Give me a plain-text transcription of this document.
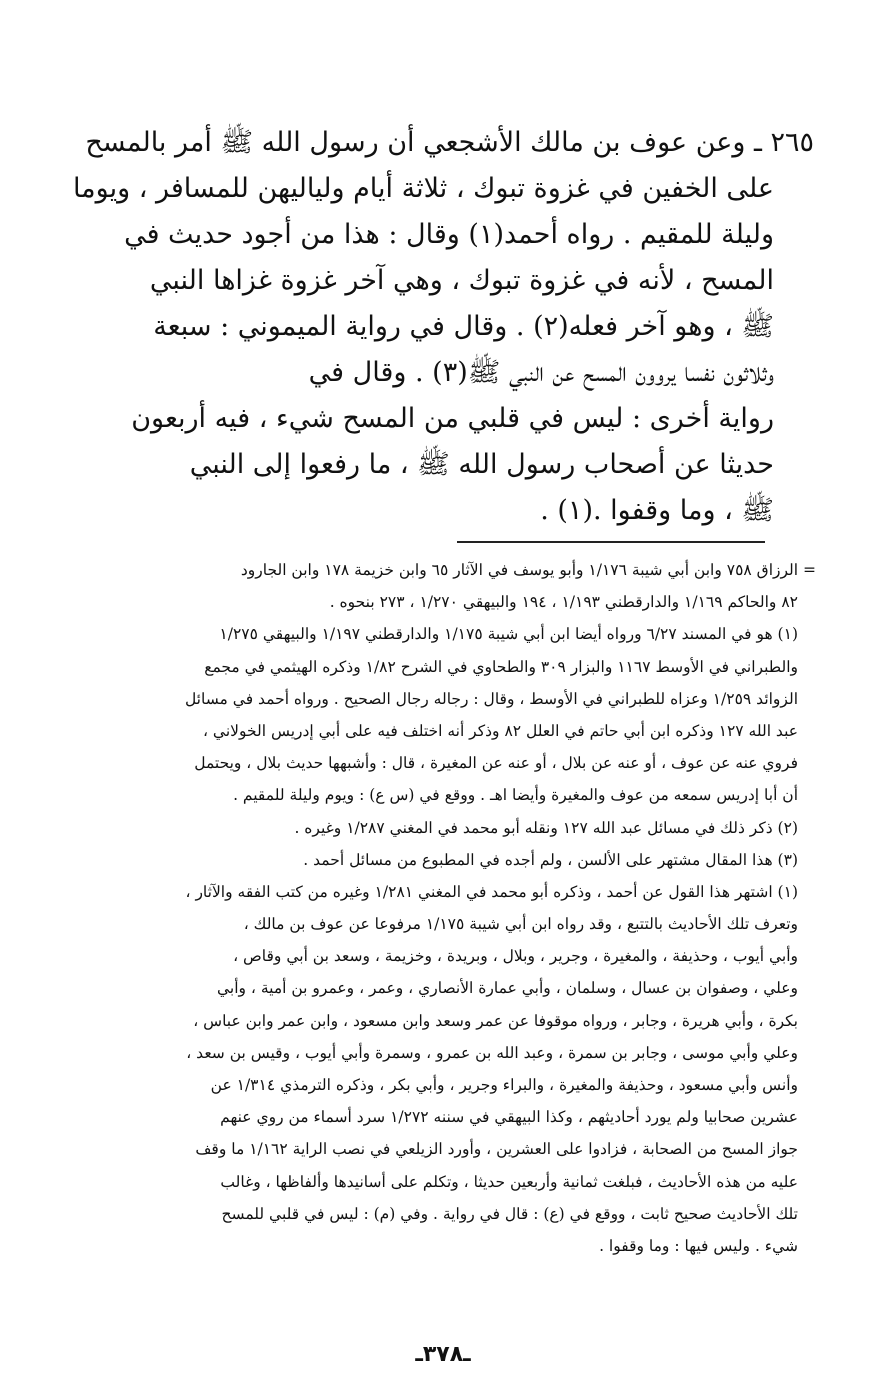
٢٦٥ ـ وعن عوف بن مالك الأشجعي أن رسول الله ﷺ أمر بالمسح
على الخفين في غزوة تبوك ، ثلاثة أيام ولياليهن للمسافر ، ويوما
وليلة للمقيم . رواه أحمد(١) وقال : هذا من أجود حديث في
المسح ، لأنه في غزوة تبوك ، وهي آخر غزوة غزاها النبي
ﷺ ، وهو آخر فعله(٢) . وقال في رواية الميموني : سبعة
وثلاثون نفسا يروون المسح عن النبي ﷺ(٣) . وقال في
رواية أخرى : ليس في قلبي من المسح شيء ، فيه أربعون
حديثا عن أصحاب رسول الله ﷺ ، ما رفعوا إلى النبي
ﷺ ، وما وقفوا .(١) .
= الرزاق ٧٥٨ وابن أبي شيبة ١/١٧٦ وأبو يوسف في الآثار ٦٥ وابن خزيمة ١٧٨ وابن الجارود
٨٢ والحاكم ١/١٦٩ والدارقطني ١/١٩٣ ، ١٩٤ والبيهقي ١/٢٧٠ ، ٢٧٣ بنحوه .
(١) هو في المسند ٦/٢٧ ورواه أيضا ابن أبي شيبة ١/١٧٥ والدارقطني ١/١٩٧ والبيهقي ١/٢٧٥
والطبراني في الأوسط ١١٦٧ والبزار ٣٠٩ والطحاوي في الشرح ١/٨٢ وذكره الهيثمي في مجمع
الزوائد ١/٢٥٩ وعزاه للطبراني في الأوسط ، وقال : رجاله رجال الصحيح . ورواه أحمد في مسائل
عبد الله ١٢٧ وذكره ابن أبي حاتم في العلل ٨٢ وذكر أنه اختلف فيه على أبي إدريس الخولاني ،
فروي عنه عن عوف ، أو عنه عن بلال ، أو عنه عن المغيرة ، قال : وأشبهها حديث بلال ، ويحتمل
أن أبا إدريس سمعه من عوف والمغيرة وأيضا اهـ . ووقع في (س ع) : ويوم وليلة للمقيم .
(٢) ذكر ذلك في مسائل عبد الله ١٢٧ ونقله أبو محمد في المغني ١/٢٨٧ وغيره .
(٣) هذا المقال مشتهر على الألسن ، ولم أجده في المطبوع من مسائل أحمد .
(١) اشتهر هذا القول عن أحمد ، وذكره أبو محمد في المغني ١/٢٨١ وغيره من كتب الفقه والآثار ،
وتعرف تلك الأحاديث بالتتبع ، وقد رواه ابن أبي شيبة ١/١٧٥ مرفوعا عن عوف بن مالك ،
وأبي أيوب ، وحذيفة ، والمغيرة ، وجرير ، وبلال ، وبريدة ، وخزيمة ، وسعد بن أبي وقاص ،
وعلي ، وصفوان بن عسال ، وسلمان ، وأبي عمارة الأنصاري ، وعمر ، وعمرو بن أمية ، وأبي
بكرة ، وأبي هريرة ، وجابر ، ورواه موقوفا عن عمر وسعد وابن مسعود ، وابن عمر وابن عباس ،
وعلي وأبي موسى ، وجابر بن سمرة ، وعبد الله بن عمرو ، وسمرة وأبي أيوب ، وقيس بن سعد ،
وأنس وأبي مسعود ، وحذيفة والمغيرة ، والبراء وجرير ، وأبي بكر ، وذكره الترمذي ١/٣١٤ عن
عشرين صحابيا ولم يورد أحاديثهم ، وكذا البيهقي في سننه ١/٢٧٢ سرد أسماء من روي عنهم
جواز المسح من الصحابة ، فزادوا على العشرين ، وأورد الزيلعي في نصب الراية ١/١٦٢ ما وقف
عليه من هذه الأحاديث ، فبلغت ثمانية وأربعين حديثا ، وتكلم على أسانيدها وألفاظها ، وغالب
تلك الأحاديث صحيح ثابت ، ووقع في (ع) : قال في رواية . وفي (م) : ليس في قلبي للمسح
شيء . وليس فيها : وما وقفوا .
ـ٣٧٨ـ
